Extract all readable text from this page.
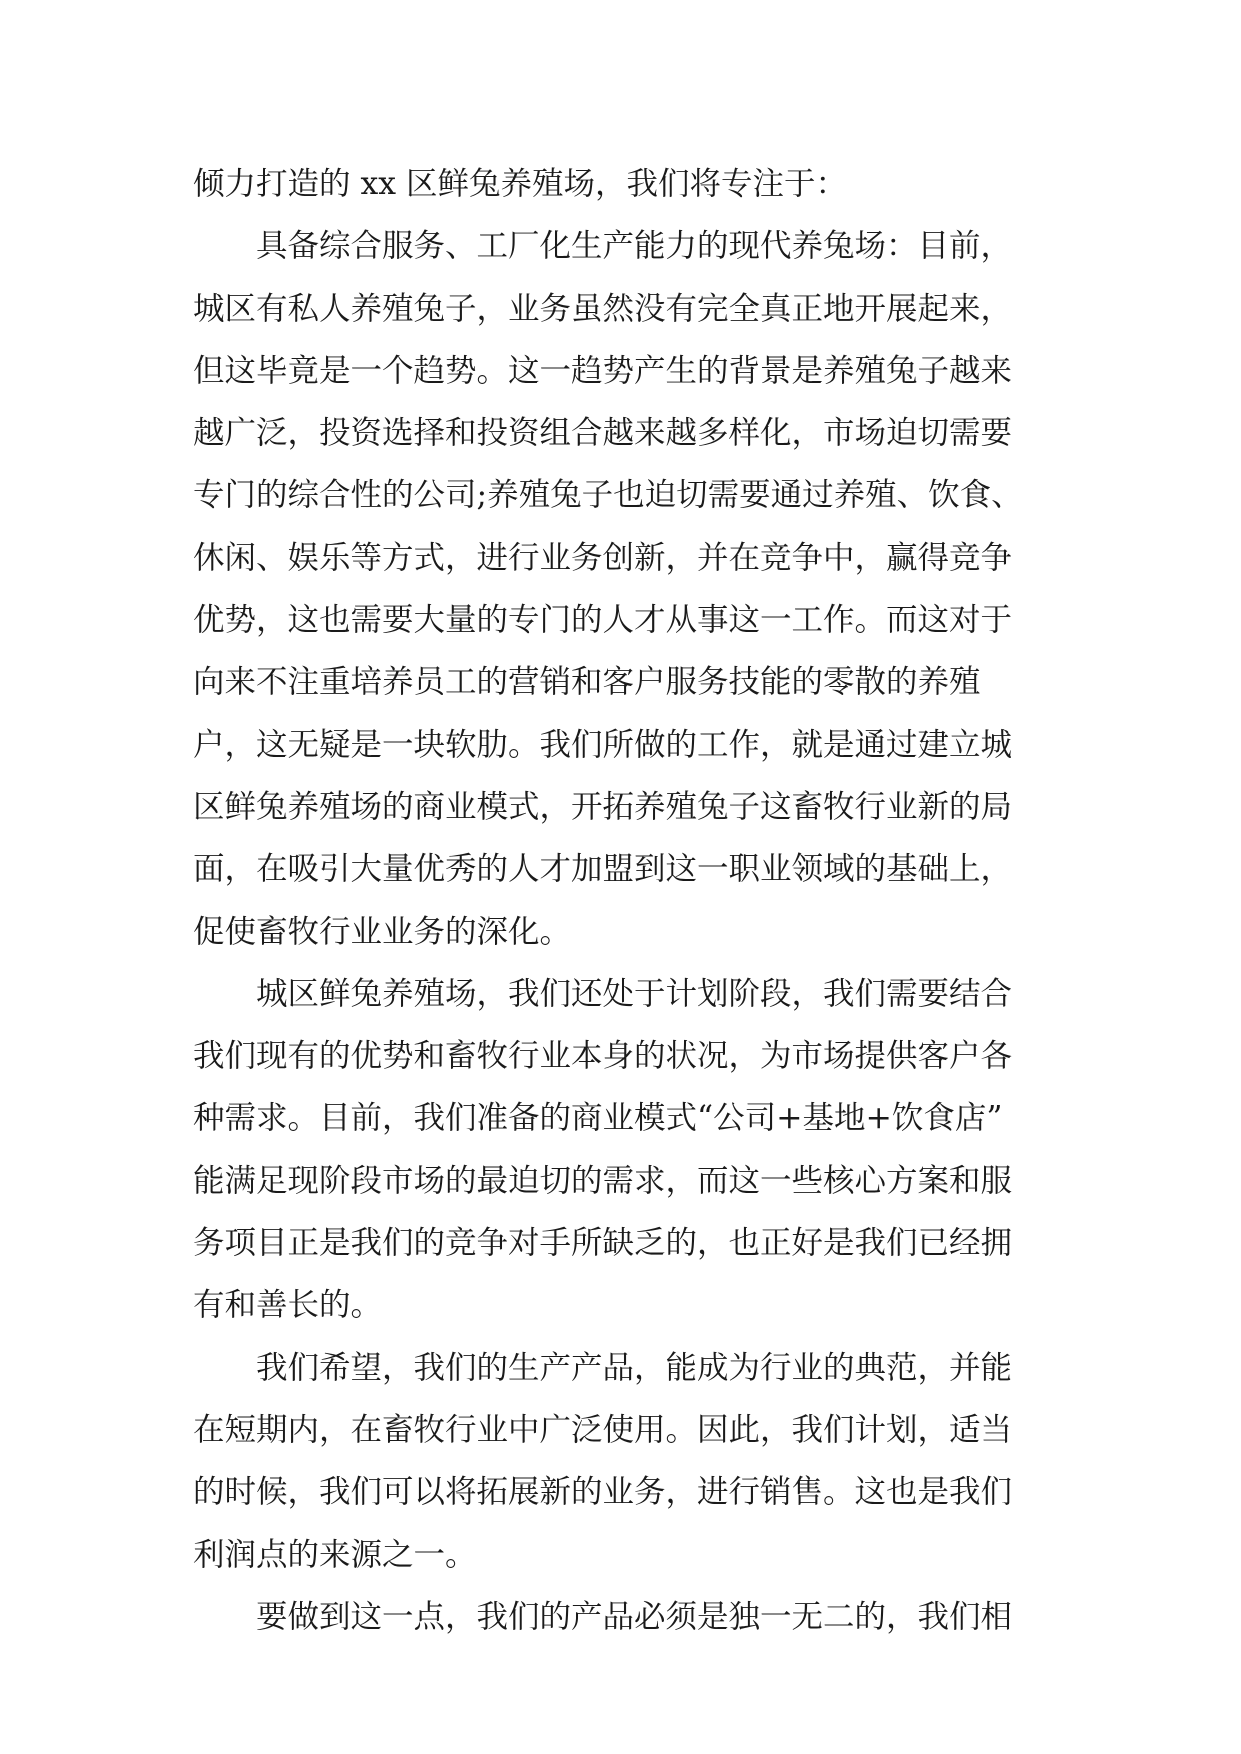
倾力打造的 xx 区鲜兔养殖场，我们将专注于：
具备综合服务、工厂化生产能力的现代养兔场：目前，
城区有私人养殖兔子，业务虽然没有完全真正地开展起来，
但这毕竟是一个趋势。这一趋势产生的背景是养殖兔子越来
越广泛，投资选择和投资组合越来越多样化，市场迫切需要
专门的综合性的公司;养殖兔子也迫切需要通过养殖、饮食、
休闲、娱乐等方式，进行业务创新，并在竞争中，赢得竞争
优势，这也需要大量的专门的人才从事这一工作。而这对于
向来不注重培养员工的营销和客户服务技能的零散的养殖
户，这无疑是一块软肋。我们所做的工作，就是通过建立城
区鲜兔养殖场的商业模式，开拓养殖兔子这畜牧行业新的局
面，在吸引大量优秀的人才加盟到这一职业领域的基础上，
促使畜牧行业业务的深化。
城区鲜兔养殖场，我们还处于计划阶段，我们需要结合
我们现有的优势和畜牧行业本身的状况，为市场提供客户各
种需求。目前，我们准备的商业模式“公司+基地+饮食店”
能满足现阶段市场的最迫切的需求，而这一些核心方案和服
务项目正是我们的竞争对手所缺乏的，也正好是我们已经拥
有和善长的。
我们希望，我们的生产产品，能成为行业的典范，并能
在短期内，在畜牧行业中广泛使用。因此，我们计划，适当
的时候，我们可以将拓展新的业务，进行销售。这也是我们
利润点的来源之一。
要做到这一点，我们的产品必须是独一无二的，我们相
